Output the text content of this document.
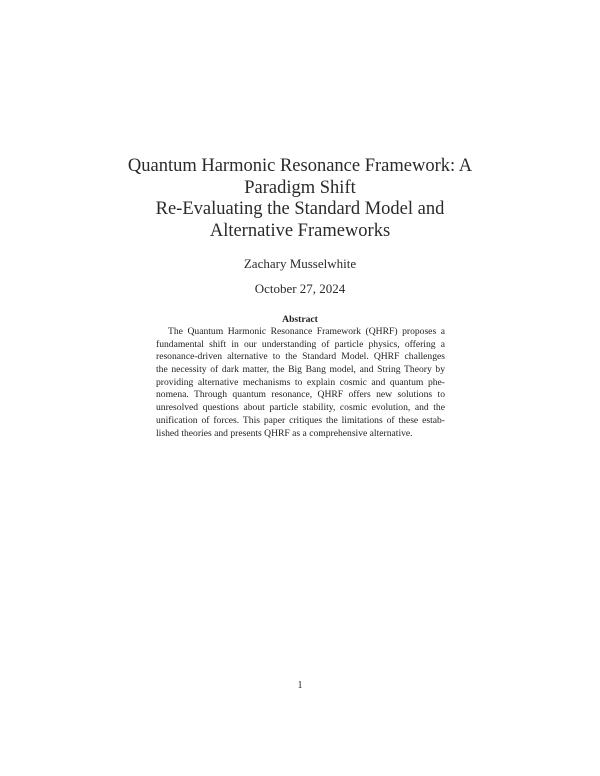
Quantum Harmonic Resonance Framework: A
Paradigm Shift
Re-Evaluating the Standard Model and
Alternative Frameworks
Zachary Musselwhite
October 27, 2024
Abstract
The Quantum Harmonic Resonance Framework (QHRF) proposes a
fundamental shift in our understanding of particle physics, offering a
resonance-driven alternative to the Standard Model. QHRF challenges
the necessity of dark matter, the Big Bang model, and String Theory by
providing alternative mechanisms to explain cosmic and quantum phe-
nomena. Through quantum resonance, QHRF offers new solutions to
unresolved questions about particle stability, cosmic evolution, and the
unification of forces. This paper critiques the limitations of these estab-
lished theories and presents QHRF as a comprehensive alternative.
1
